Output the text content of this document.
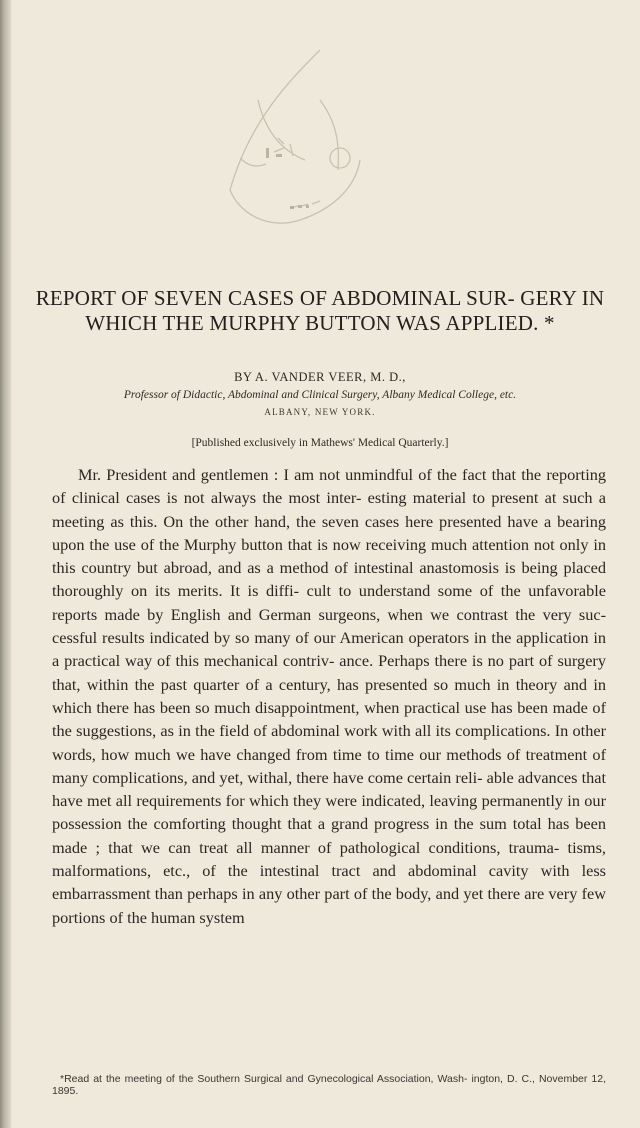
REPORT OF SEVEN CASES OF ABDOMINAL SUR- GERY IN WHICH THE MURPHY BUTTON WAS APPLIED. *
BY A. VANDER VEER, M. D.,
Professor of Didactic, Abdominal and Clinical Surgery, Albany Medical College, etc.
ALBANY, NEW YORK.
[Published exclusively in Mathews' Medical Quarterly.]

Mr. President and gentlemen : I am not unmindful of the fact that the reporting of clinical cases is not always the most inter- esting material to present at such a meeting as this. On the other hand, the seven cases here presented have a bearing upon the use of the Murphy button that is now receiving much attention not only in this country but abroad, and as a method of intestinal anastomosis is being placed thoroughly on its merits. It is diffi- cult to understand some of the unfavorable reports made by English and German surgeons, when we contrast the very suc- cessful results indicated by so many of our American operators in the application in a practical way of this mechanical contriv- ance. Perhaps there is no part of surgery that, within the past quarter of a century, has presented so much in theory and in which there has been so much disappointment, when practical use has been made of the suggestions, as in the field of abdominal work with all its complications. In other words, how much we have changed from time to time our methods of treatment of many complications, and yet, withal, there have come certain reli- able advances that have met all requirements for which they were indicated, leaving permanently in our possession the comforting thought that a grand progress in the sum total has been made ; that we can treat all manner of pathological conditions, trauma- tisms, malformations, etc., of the intestinal tract and abdominal cavity with less embarrassment than perhaps in any other part of the body, and yet there are very few portions of the human system

*Read at the meeting of the Southern Surgical and Gynecological Association, Wash- ington, D. C., November 12, 1895.
